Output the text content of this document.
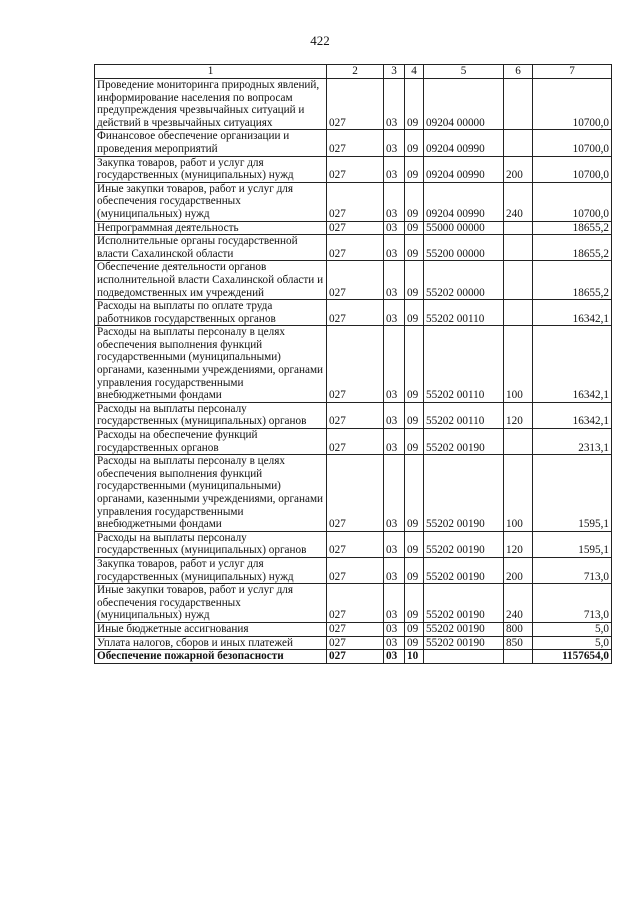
422
1	2	3	4	5	6	7
Проведение мониторинга природных явлений, информирование населения по вопросам предупреждения чрезвычайных ситуаций и действий в чрезвычайных ситуациях	027	03	09	09204 00000		10700,0
Финансовое обеспечение организации и проведения мероприятий	027	03	09	09204 00990		10700,0
Закупка товаров, работ и услуг для государственных (муниципальных) нужд	027	03	09	09204 00990	200	10700,0
Иные закупки товаров, работ и услуг для обеспечения государственных (муниципальных) нужд	027	03	09	09204 00990	240	10700,0
Непрограммная деятельность	027	03	09	55000 00000		18655,2
Исполнительные органы государственной власти Сахалинской области	027	03	09	55200 00000		18655,2
Обеспечение деятельности органов исполнительной власти Сахалинской области и подведомственных им учреждений	027	03	09	55202 00000		18655,2
Расходы на выплаты по оплате труда работников государственных органов	027	03	09	55202 00110		16342,1
Расходы на выплаты персоналу в целях обеспечения выполнения функций государственными (муниципальными) органами, казенными учреждениями, органами управления государственными внебюджетными фондами	027	03	09	55202 00110	100	16342,1
Расходы на выплаты персоналу государственных (муниципальных) органов	027	03	09	55202 00110	120	16342,1
Расходы на обеспечение функций государственных органов	027	03	09	55202 00190		2313,1
Расходы на выплаты персоналу в целях обеспечения выполнения функций государственными (муниципальными) органами, казенными учреждениями, органами управления государственными внебюджетными фондами	027	03	09	55202 00190	100	1595,1
Расходы на выплаты персоналу государственных (муниципальных) органов	027	03	09	55202 00190	120	1595,1
Закупка товаров, работ и услуг для государственных (муниципальных) нужд	027	03	09	55202 00190	200	713,0
Иные закупки товаров, работ и услуг для обеспечения государственных (муниципальных) нужд	027	03	09	55202 00190	240	713,0
Иные бюджетные ассигнования	027	03	09	55202 00190	800	5,0
Уплата налогов, сборов и иных платежей	027	03	09	55202 00190	850	5,0
Обеспечение пожарной безопасности	027	03	10			1157654,0
